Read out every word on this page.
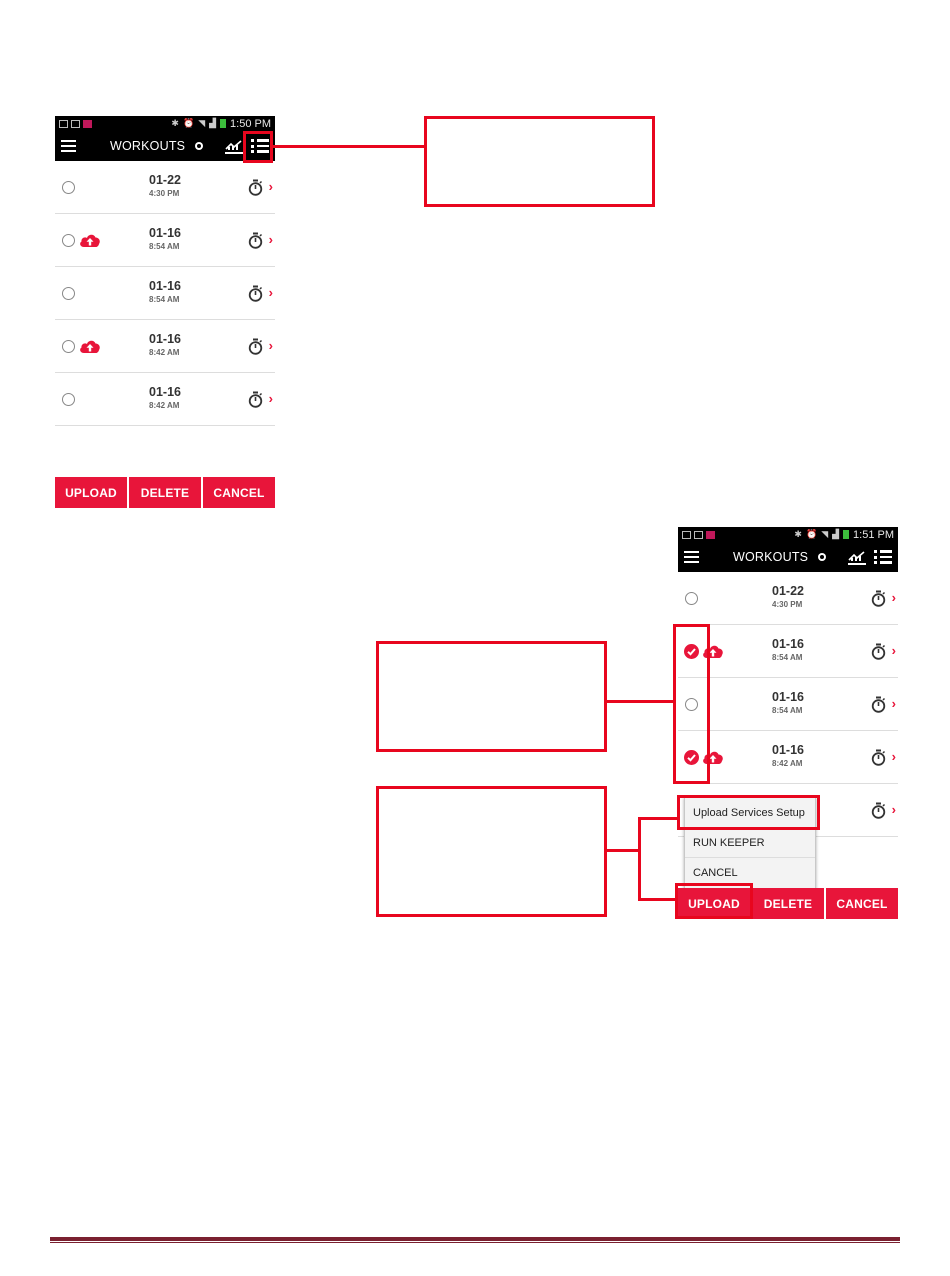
✱ ⏰ ◥ ▟ 1:50 PM
WORKOUTS
01-22
4:30 PM	›
01-16
8:54 AM	›
01-16
8:54 AM	›
01-16
8:42 AM	›
01-16
8:42 AM	›
UPLOAD	DELETE	CANCEL
✱ ⏰ ◥ ▟ 1:51 PM
WORKOUTS
01-22
4:30 PM	›
01-16
8:54 AM	›
01-16
8:54 AM	›
01-16
8:42 AM	›
›
Upload Services Setup
RUN KEEPER
CANCEL
UPLOAD	DELETE	CANCEL
